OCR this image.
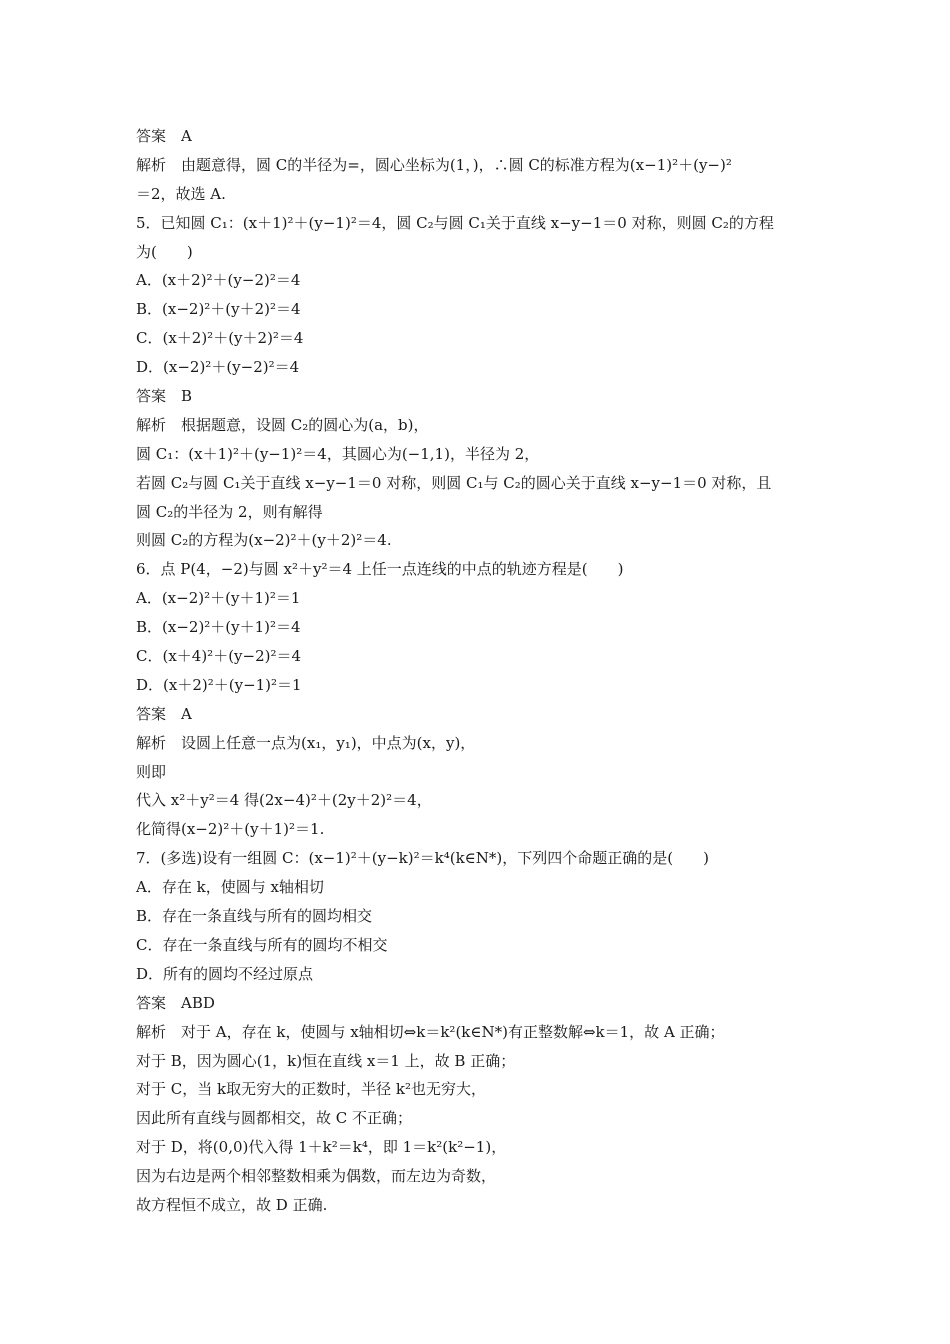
答案　A
解析　由题意得，圆 C的半径为=，圆心坐标为(1，)，∴圆 C的标准方程为(x−1)²＋(y−)²
＝2，故选 A.
5．已知圆 C₁：(x＋1)²＋(y−1)²＝4，圆 C₂与圆 C₁关于直线 x−y−1＝0 对称，则圆 C₂的方程
为(　　)
A．(x＋2)²＋(y−2)²＝4
B．(x−2)²＋(y＋2)²＝4
C．(x＋2)²＋(y＋2)²＝4
D．(x−2)²＋(y−2)²＝4
答案　B
解析　根据题意，设圆 C₂的圆心为(a，b)，
圆 C₁：(x＋1)²＋(y−1)²＝4，其圆心为(−1,1)，半径为 2，
若圆 C₂与圆 C₁关于直线 x−y−1＝0 对称，则圆 C₁与 C₂的圆心关于直线 x−y−1＝0 对称，且
圆 C₂的半径为 2，则有解得
则圆 C₂的方程为(x−2)²＋(y＋2)²＝4.
6．点 P(4，−2)与圆 x²＋y²＝4 上任一点连线的中点的轨迹方程是(　　)
A．(x−2)²＋(y＋1)²＝1
B．(x−2)²＋(y＋1)²＝4
C．(x＋4)²＋(y−2)²＝4
D．(x＋2)²＋(y−1)²＝1
答案　A
解析　设圆上任意一点为(x₁，y₁)，中点为(x，y)，
则即
代入 x²＋y²＝4 得(2x−4)²＋(2y＋2)²＝4，
化简得(x−2)²＋(y＋1)²＝1.
7．(多选)设有一组圆 C：(x−1)²＋(y−k)²＝k⁴(k∈N*)，下列四个命题正确的是(　　)
A．存在 k，使圆与 x轴相切
B．存在一条直线与所有的圆均相交
C．存在一条直线与所有的圆均不相交
D．所有的圆均不经过原点
答案　ABD
解析　对于 A，存在 k，使圆与 x轴相切⇔k＝k²(k∈N*)有正整数解⇔k＝1，故 A 正确；
对于 B，因为圆心(1，k)恒在直线 x＝1 上，故 B 正确；
对于 C，当 k取无穷大的正数时，半径 k²也无穷大，
因此所有直线与圆都相交，故 C 不正确；
对于 D，将(0,0)代入得 1＋k²＝k⁴，即 1＝k²(k²−1)，
因为右边是两个相邻整数相乘为偶数，而左边为奇数，
故方程恒不成立，故 D 正确.
